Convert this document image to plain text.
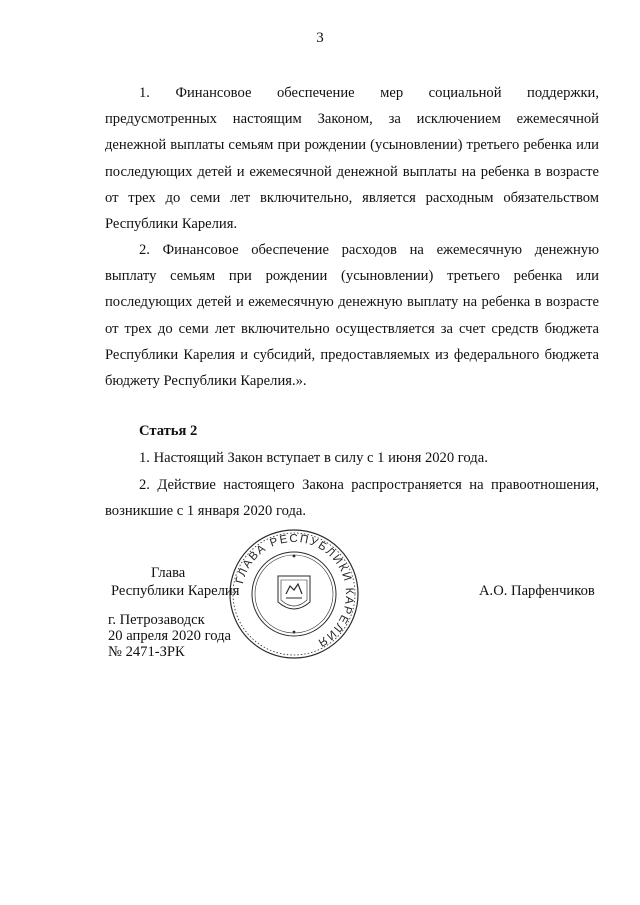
3

1. Финансовое обеспечение мер социальной поддержки, предусмотренных настоящим Законом, за исключением ежемесячной денежной выплаты семьям при рождении (усыновлении) третьего ребенка или последующих детей и ежемесячной денежной выплаты на ребенка в возрасте от трех до семи лет включительно, является расходным обязательством Республики Карелия.

2. Финансовое обеспечение расходов на ежемесячную денежную выплату семьям при рождении (усыновлении) третьего ребенка или последующих детей и ежемесячную денежную выплату на ребенка в возрасте от трех до семи лет включительно осуществляется за счет средств бюджета Республики Карелия и субсидий, предоставляемых из федерального бюджета бюджету Республики Карелия.».

Статья 2

1. Настоящий Закон вступает в силу с 1 июня 2020 года.

2. Действие настоящего Закона распространяется на правоотношения, возникшие с 1 января 2020 года.

ГЛАВА РЕСПУБЛИКИ КАРЕЛИЯ
Глава
Республики Карелия	А.О. Парфенчиков
г. Петрозаводск
20 апреля 2020 года
№ 2471-ЗРК
